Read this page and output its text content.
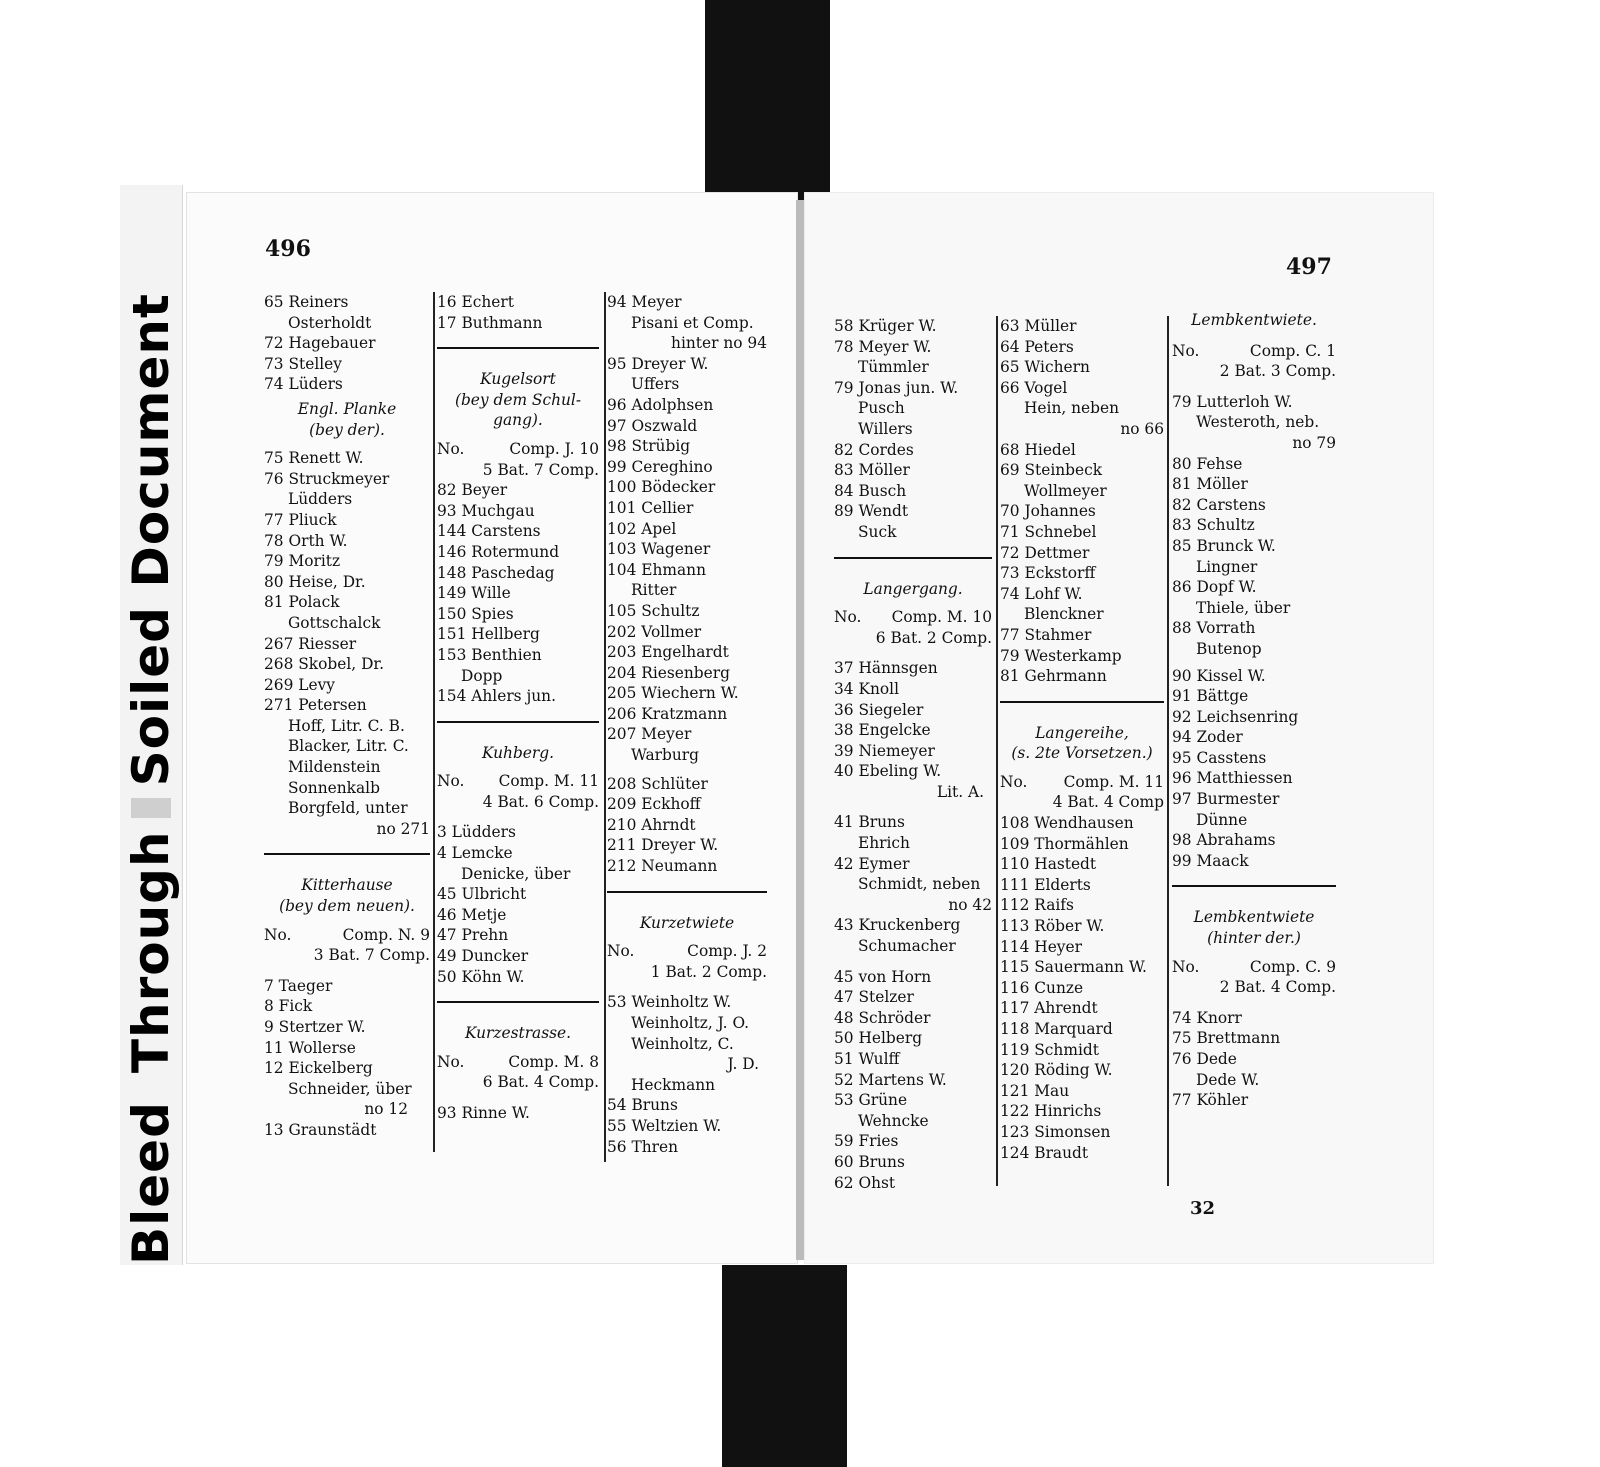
Bleed
Through
Soiled Document
496
497
32
65 Reiners
Osterholdt
72 Hagebauer
73 Stelley
74 Lüders
Engl. Planke
(bey der).
75 Renett W.
76 Struckmeyer
Lüdders
77 Pliuck
78 Orth W.
79 Moritz
80 Heise, Dr.
81 Polack
Gottschalck
267 Riesser
268 Skobel, Dr.
269 Levy
271 Petersen
Hoff, Litr. C. B.
Blacker, Litr. C.
Mildenstein
Sonnenkalb
Borgfeld, unter
no 271
Kitterhause
(bey dem neuen).
No.	Comp. N. 9
3 Bat. 7 Comp.
7 Taeger
8 Fick
9 Stertzer W.
11 Wollerse
12 Eickelberg
Schneider, über
no 12
13 Graunstädt
16 Echert
17 Buthmann
Kugelsort
(bey dem Schul-
gang).
No.	Comp. J. 10
5 Bat. 7 Comp.
82 Beyer
93 Muchgau
144 Carstens
146 Rotermund
148 Paschedag
149 Wille
150 Spies
151 Hellberg
153 Benthien
Dopp
154 Ahlers jun.
Kuhberg.
No. Comp. M. 11
4 Bat. 6 Comp.
3 Lüdders
4 Lemcke
Denicke, über
45 Ulbricht
46 Metje
47 Prehn
49 Duncker
50 Köhn W.
Kurzestrasse.
No.	Comp. M. 8
6 Bat. 4 Comp.
93 Rinne W.
94 Meyer
Pisani et Comp.
hinter no 94
95 Dreyer W.
Uffers
96 Adolphsen
97 Oszwald
98 Strübig
99 Cereghino
100 Bödecker
101 Cellier
102 Apel
103 Wagener
104 Ehmann
Ritter
105 Schultz
202 Vollmer
203 Engelhardt
204 Riesenberg
205 Wiechern W.
206 Kratzmann
207 Meyer
Warburg
208 Schlüter
209 Eckhoff
210 Ahrndt
211 Dreyer W.
212 Neumann
Kurzetwiete
No.	Comp. J. 2
1 Bat. 2 Comp.
53 Weinholtz W.
Weinholtz, J. O.
Weinholtz, C.
J. D.
Heckmann
54 Bruns
55 Weltzien W.
56 Thren
58 Krüger W.
78 Meyer W.
Tümmler
79 Jonas jun. W.
Pusch
Willers
82 Cordes
83 Möller
84 Busch
89 Wendt
Suck
Langergang.
No. Comp. M. 10
6 Bat. 2 Comp.
37 Hännsgen
34 Knoll
36 Siegeler
38 Engelcke
39 Niemeyer
40 Ebeling W.
Lit. A.
41 Bruns
Ehrich
42 Eymer
Schmidt, neben
no 42
43 Kruckenberg
Schumacher
45 von Horn
47 Stelzer
48 Schröder
50 Helberg
51 Wulff
52 Martens W.
53 Grüne
Wehncke
59 Fries
60 Bruns
62 Ohst
63 Müller
64 Peters
65 Wichern
66 Vogel
Hein, neben
no 66
68 Hiedel
69 Steinbeck
Wollmeyer
70 Johannes
71 Schnebel
72 Dettmer
73 Eckstorff
74 Lohf W.
Blenckner
77 Stahmer
79 Westerkamp
81 Gehrmann
Langereihe,
(s. 2te Vorsetzen.)
No. Comp. M. 11
4 Bat. 4 Comp
108 Wendhausen
109 Thormählen
110 Hastedt
111 Elderts
112 Raifs
113 Röber W.
114 Heyer
115 Sauermann W.
116 Cunze
117 Ahrendt
118 Marquard
119 Schmidt
120 Röding W.
121 Mau
122 Hinrichs
123 Simonsen
124 Braudt
Lembkentwiete.
No.	Comp. C. 1
2 Bat. 3 Comp.
79 Lutterloh W.
Westeroth, neb.
no 79
80 Fehse
81 Möller
82 Carstens
83 Schultz
85 Brunck W.
Lingner
86 Dopf W.
Thiele, über
88 Vorrath
Butenop
90 Kissel W.
91 Bättge
92 Leichsenring
94 Zoder
95 Casstens
96 Matthiessen
97 Burmester
Dünne
98 Abrahams
99 Maack
Lembkentwiete
(hinter der.)
No.	Comp. C. 9
2 Bat. 4 Comp.
74 Knorr
75 Brettmann
76 Dede
Dede W.
77 Köhler
